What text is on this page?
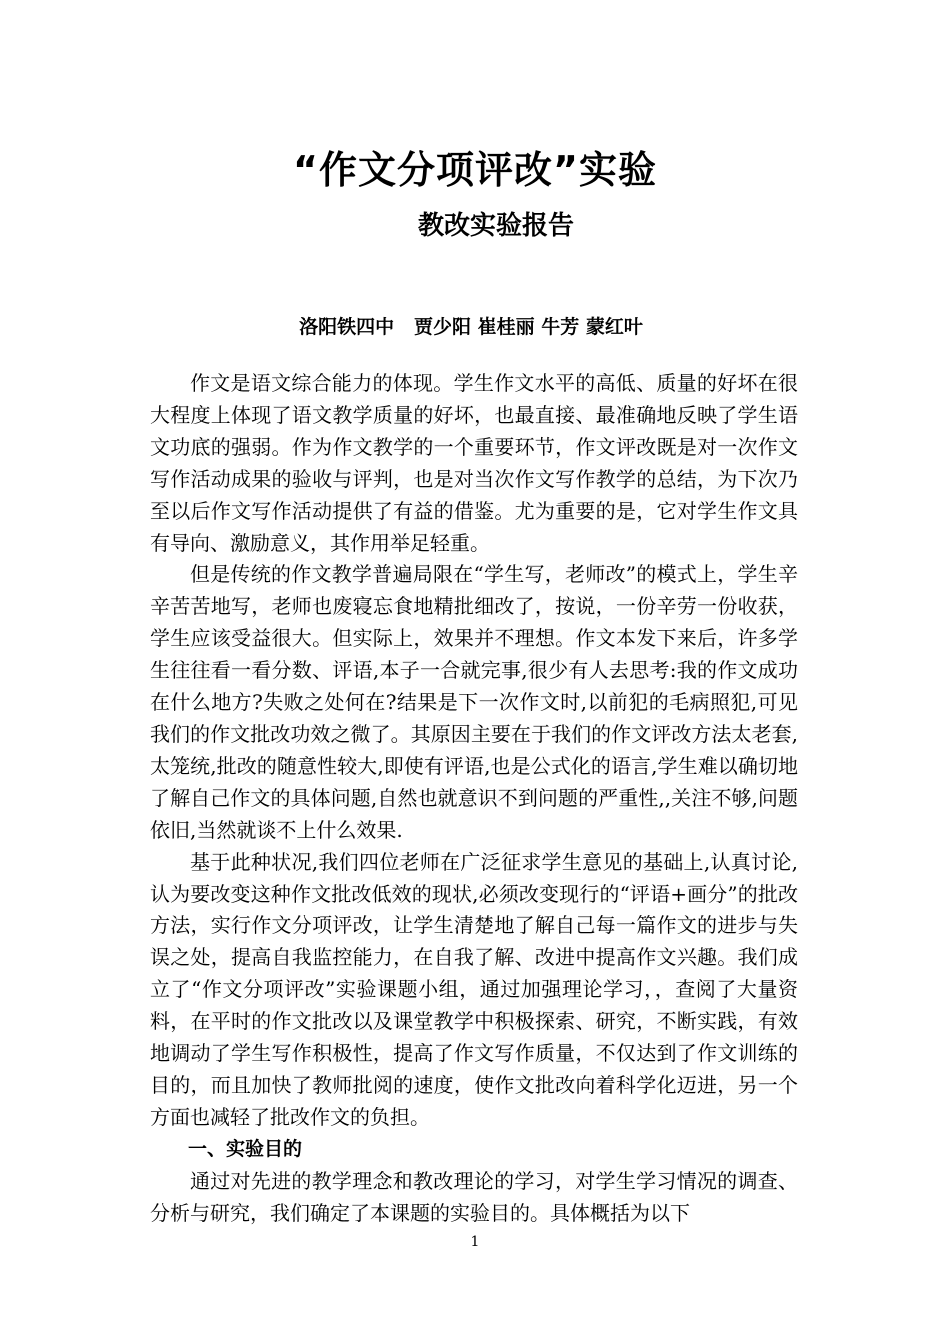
“作文分项评改”实验
教改实验报告
洛阳铁四中   贾少阳 崔桂丽 牛芳 蒙红叶

作文是语文综合能力的体现。学生作文水平的高低、质量的好坏在很大程度上体现了语文教学质量的好坏，也最直接、最准确地反映了学生语文功底的强弱。作为作文教学的一个重要环节，作文评改既是对一次作文写作活动成果的验收与评判，也是对当次作文写作教学的总结，为下次乃至以后作文写作活动提供了有益的借鉴。尤为重要的是，它对学生作文具有导向、激励意义，其作用举足轻重。

但是传统的作文教学普遍局限在“学生写，老师改”的模式上，学生辛辛苦苦地写，老师也废寝忘食地精批细改了，按说，一份辛劳一份收获，学生应该受益很大。但实际上，效果并不理想。作文本发下来后，许多学生往往看一看分数、评语,本子一合就完事,很少有人去思考:我的作文成功在什么地方?失败之处何在?结果是下一次作文时,以前犯的毛病照犯,可见我们的作文批改功效之微了。其原因主要在于我们的作文评改方法太老套,太笼统,批改的随意性较大,即使有评语,也是公式化的语言,学生难以确切地了解自己作文的具体问题,自然也就意识不到问题的严重性,,关注不够,问题依旧,当然就谈不上什么效果.

基于此种状况,我们四位老师在广泛征求学生意见的基础上,认真讨论,认为要改变这种作文批改低效的现状,必须改变现行的“评语+画分”的批改方法，实行作文分项评改，让学生清楚地了解自己每一篇作文的进步与失误之处，提高自我监控能力，在自我了解、改进中提高作文兴趣。我们成立了“作文分项评改”实验课题小组，通过加强理论学习，，查阅了大量资料，在平时的作文批改以及课堂教学中积极探索、研究，不断实践，有效地调动了学生写作积极性，提高了作文写作质量，不仅达到了作文训练的目的，而且加快了教师批阅的速度，使作文批改向着科学化迈进，另一个方面也减轻了批改作文的负担。

一、实验目的

通过对先进的教学理念和教改理论的学习，对学生学习情况的调查、分析与研究，我们确定了本课题的实验目的。具体概括为以下

1
